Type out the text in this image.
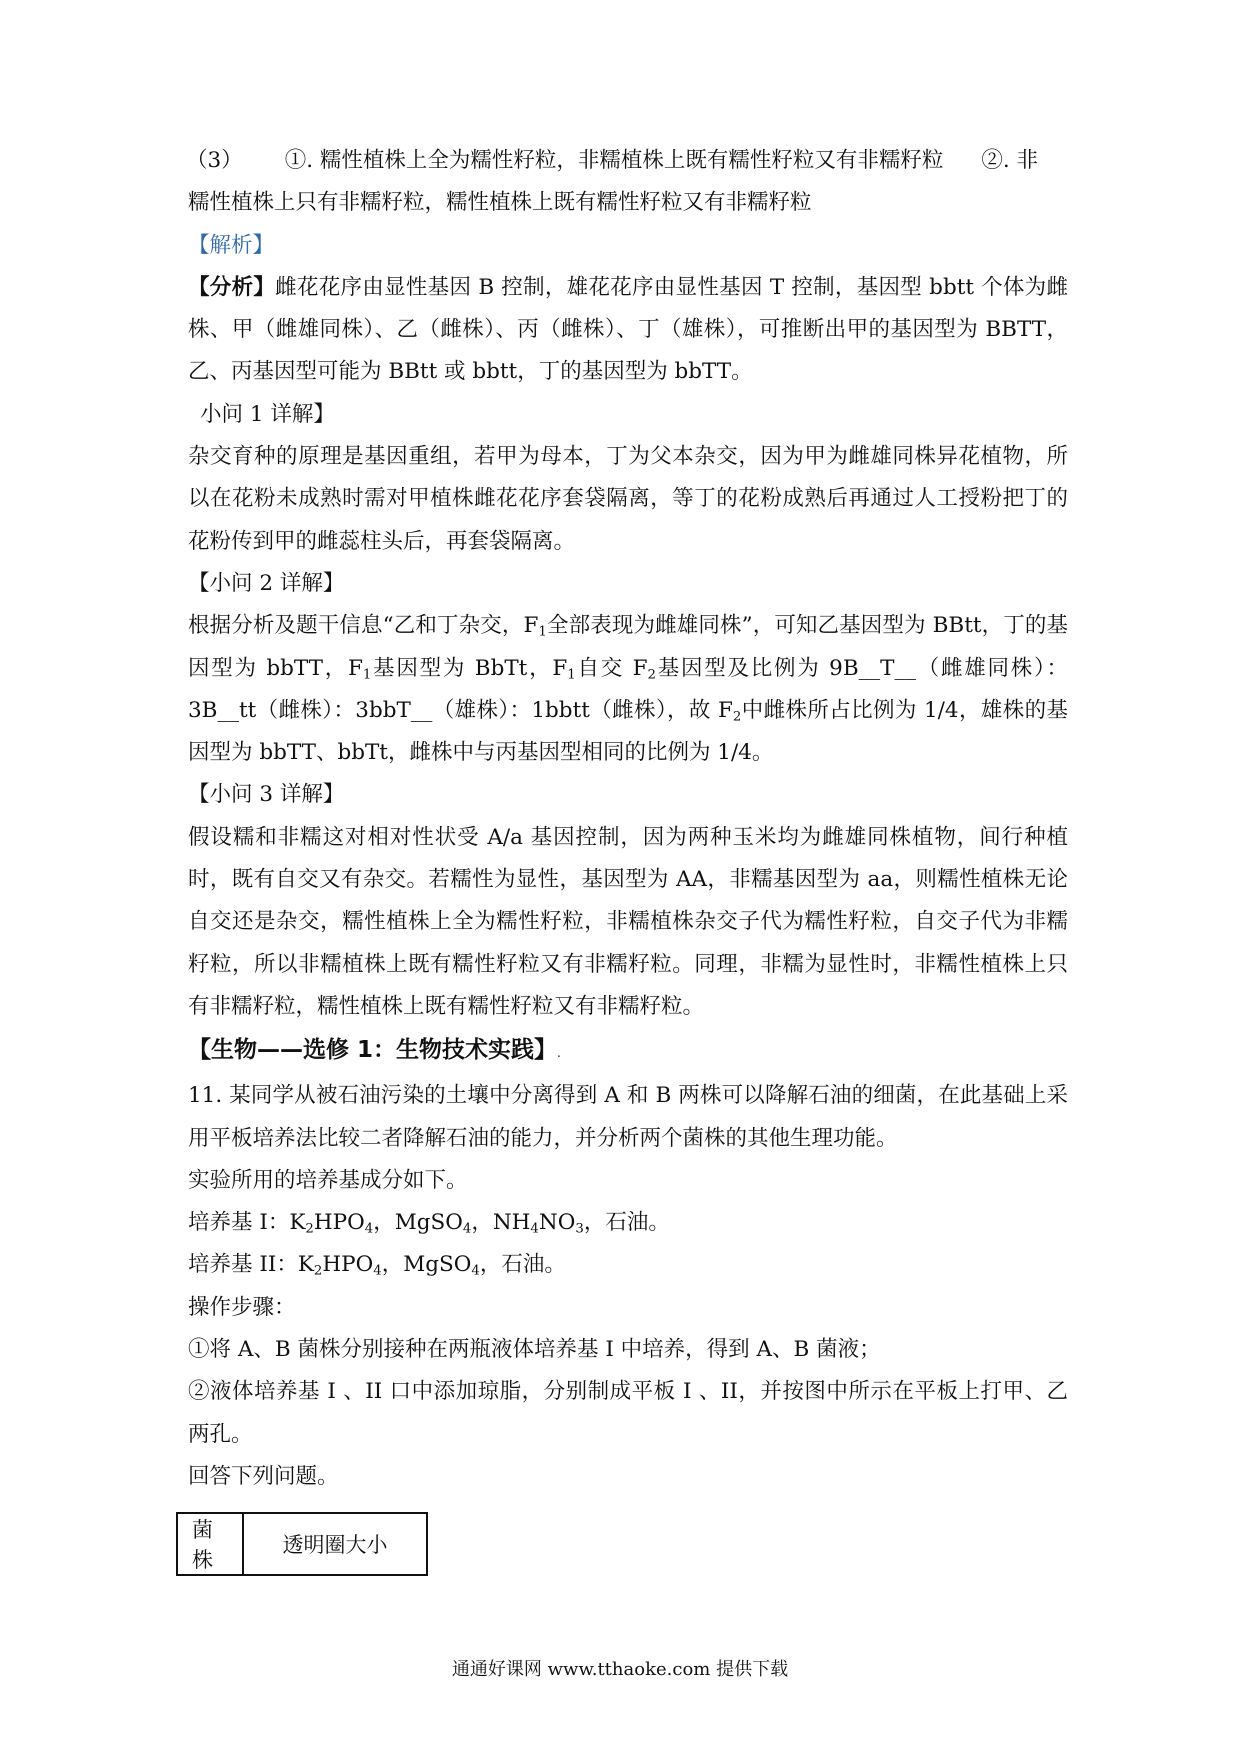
（3） ①. 糯性植株上全为糯性籽粒，非糯植株上既有糯性籽粒又有非糯籽粒 ②. 非

糯性植株上只有非糯籽粒，糯性植株上既有糯性籽粒又有非糯籽粒

【解析】

【分析】雌花花序由显性基因 B 控制，雄花花序由显性基因 T 控制，基因型 bbtt 个体为雌株、甲（雌雄同株）、乙（雌株）、丙（雌株）、丁（雄株），可推断出甲的基因型为 BBTT，乙、丙基因型可能为 BBtt 或 bbtt，丁的基因型为 bbTT。

小问 1 详解】

杂交育种的原理是基因重组，若甲为母本，丁为父本杂交，因为甲为雌雄同株异花植物，所以在花粉未成熟时需对甲植株雌花花序套袋隔离，等丁的花粉成熟后再通过人工授粉把丁的花粉传到甲的雌蕊柱头后，再套袋隔离。

【小问 2 详解】

根据分析及题干信息“乙和丁杂交，$F_1$全部表现为雌雄同株”，可知乙基因型为 BBtt，丁的基因型为 bbTT，$F_1$基因型为 BbTt，$F_1$自交 $F_2$基因型及比例为 9B__T__（雌雄同株）：3B__tt（雌株）：3bbT__（雄株）：1bbtt（雌株），故 $F_2$中雌株所占比例为 1/4，雄株的基因型为 bbTT、bbTt，雌株中与丙基因型相同的比例为 1/4。

【小问 3 详解】

假设糯和非糯这对相对性状受 A/a 基因控制，因为两种玉米均为雌雄同株植物，间行种植时，既有自交又有杂交。若糯性为显性，基因型为 AA，非糯基因型为 aa，则糯性植株无论自交还是杂交，糯性植株上全为糯性籽粒，非糯植株杂交子代为糯性籽粒，自交子代为非糯籽粒，所以非糯植株上既有糯性籽粒又有非糯籽粒。同理，非糯为显性时，非糯性植株上只有非糯籽粒，糯性植株上既有糯性籽粒又有非糯籽粒。

【生物——选修 1：生物技术实践】.

11. 某同学从被石油污染的土壤中分离得到 A 和 B 两株可以降解石油的细菌，在此基础上采用平板培养法比较二者降解石油的能力，并分析两个菌株的其他生理功能。

实验所用的培养基成分如下。

培养基 I：$K_2HPO_4$，MgSO$_4$，$NH_4NO_3$，石油。

培养基 II：$K_2HPO_4$，MgSO$_4$，石油。

操作步骤：

①将 A、B 菌株分别接种在两瓶液体培养基 I 中培养，得到 A、B 菌液；

②液体培养基 I 、II 口中添加琼脂，分别制成平板 I 、II，并按图中所示在平板上打甲、乙两孔。

回答下列问题。

菌株	透明圈大小
通通好课网 www.tthaoke.com 提供下载
